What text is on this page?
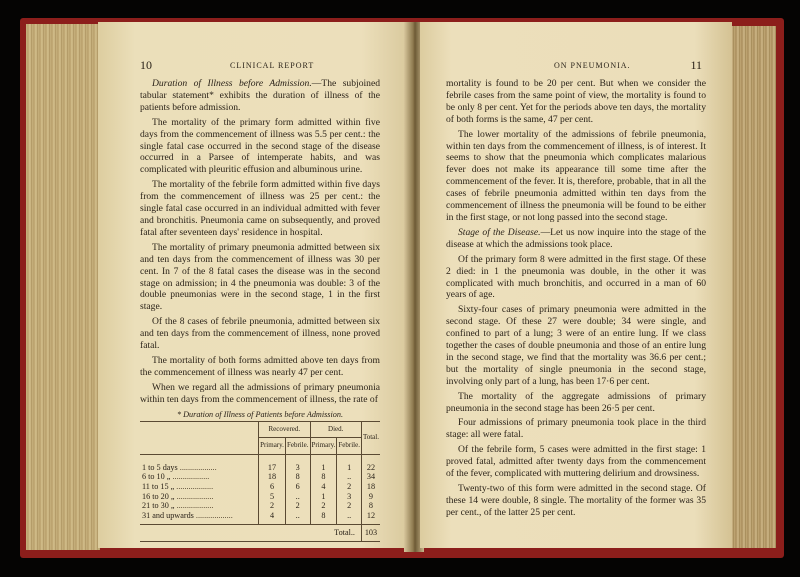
10	CLINICAL REPORT

Duration of Illness before Admission.—The subjoined tabular statement* exhibits the duration of illness of the patients before admission.

The mortality of the primary form admitted within five days from the commencement of illness was 5.5 per cent.: the single fatal case occurred in the second stage of the disease occurred in a Parsee of intemperate habits, and was complicated with pleuritic effusion and albuminous urine.

The mortality of the febrile form admitted within five days from the commencement of illness was 25 per cent.: the single fatal case occurred in an individual admitted with fever and bronchitis. Pneumonia came on subsequently, and proved fatal after seventeen days' residence in hospital.

The mortality of primary pneumonia admitted between six and ten days from the commencement of illness was 30 per cent. In 7 of the 8 fatal cases the disease was in the second stage on admission; in 4 the pneumonia was double: 3 of the double pneumonias were in the second stage, 1 in the first stage.

Of the 8 cases of febrile pneumonia, admitted between six and ten days from the commencement of illness, none proved fatal.

The mortality of both forms admitted above ten days from the commencement of illness was nearly 47 per cent.

When we regard all the admissions of primary pneumonia within ten days from the commencement of illness, the rate of

* Duration of Illness of Patients before Admission.
	Recovered.		Died.		Total.
	Primary.	Febrile.	Primary.	Febrile.	
1 to 5 days ..................	17	3	1	1	22
6 to 10 „ ..................	18	8	8	..	34
11 to 15 „ ..................	6	6	4	2	18
16 to 20 „ ..................	5	..	1	3	9
21 to 30 „ ..................	2	2	2	2	8
31 and upwards ..................	4	..	8	..	12
Total..					103
ON PNEUMONIA.	11

mortality is found to be 20 per cent. But when we consider the febrile cases from the same point of view, the mortality is found to be only 8 per cent. Yet for the periods above ten days, the mortality of both forms is the same, 47 per cent.

The lower mortality of the admissions of febrile pneumonia, within ten days from the commencement of illness, is of interest. It seems to show that the pneumonia which complicates malarious fever does not make its appearance till some time after the commencement of the fever. It is, therefore, probable, that in all the cases of febrile pneumonia admitted within ten days from the commencement of illness the pneumonia will be found to be either in the first stage, or not long passed into the second stage.

Stage of the Disease.—Let us now inquire into the stage of the disease at which the admissions took place.

Of the primary form 8 were admitted in the first stage. Of these 2 died: in 1 the pneumonia was double, in the other it was complicated with much bronchitis, and occurred in a man of 60 years of age.

Sixty-four cases of primary pneumonia were admitted in the second stage. Of these 27 were double; 34 were single, and confined to part of a lung; 3 were of an entire lung. If we class together the cases of double pneumonia and those of an entire lung in the second stage, we find that the mortality was 36.6 per cent.; but the mortality of single pneumonia in the second stage, involving only part of a lung, has been 17·6 per cent.

The mortality of the aggregate admissions of primary pneumonia in the second stage has been 26·5 per cent.

Four admissions of primary pneumonia took place in the third stage: all were fatal.

Of the febrile form, 5 cases were admitted in the first stage: 1 proved fatal, admitted after twenty days from the commencement of the fever, complicated with muttering delirium and drowsiness.

Twenty-two of this form were admitted in the second stage. Of these 14 were double, 8 single. The mortality of the former was 35 per cent., of the latter 25 per cent.
